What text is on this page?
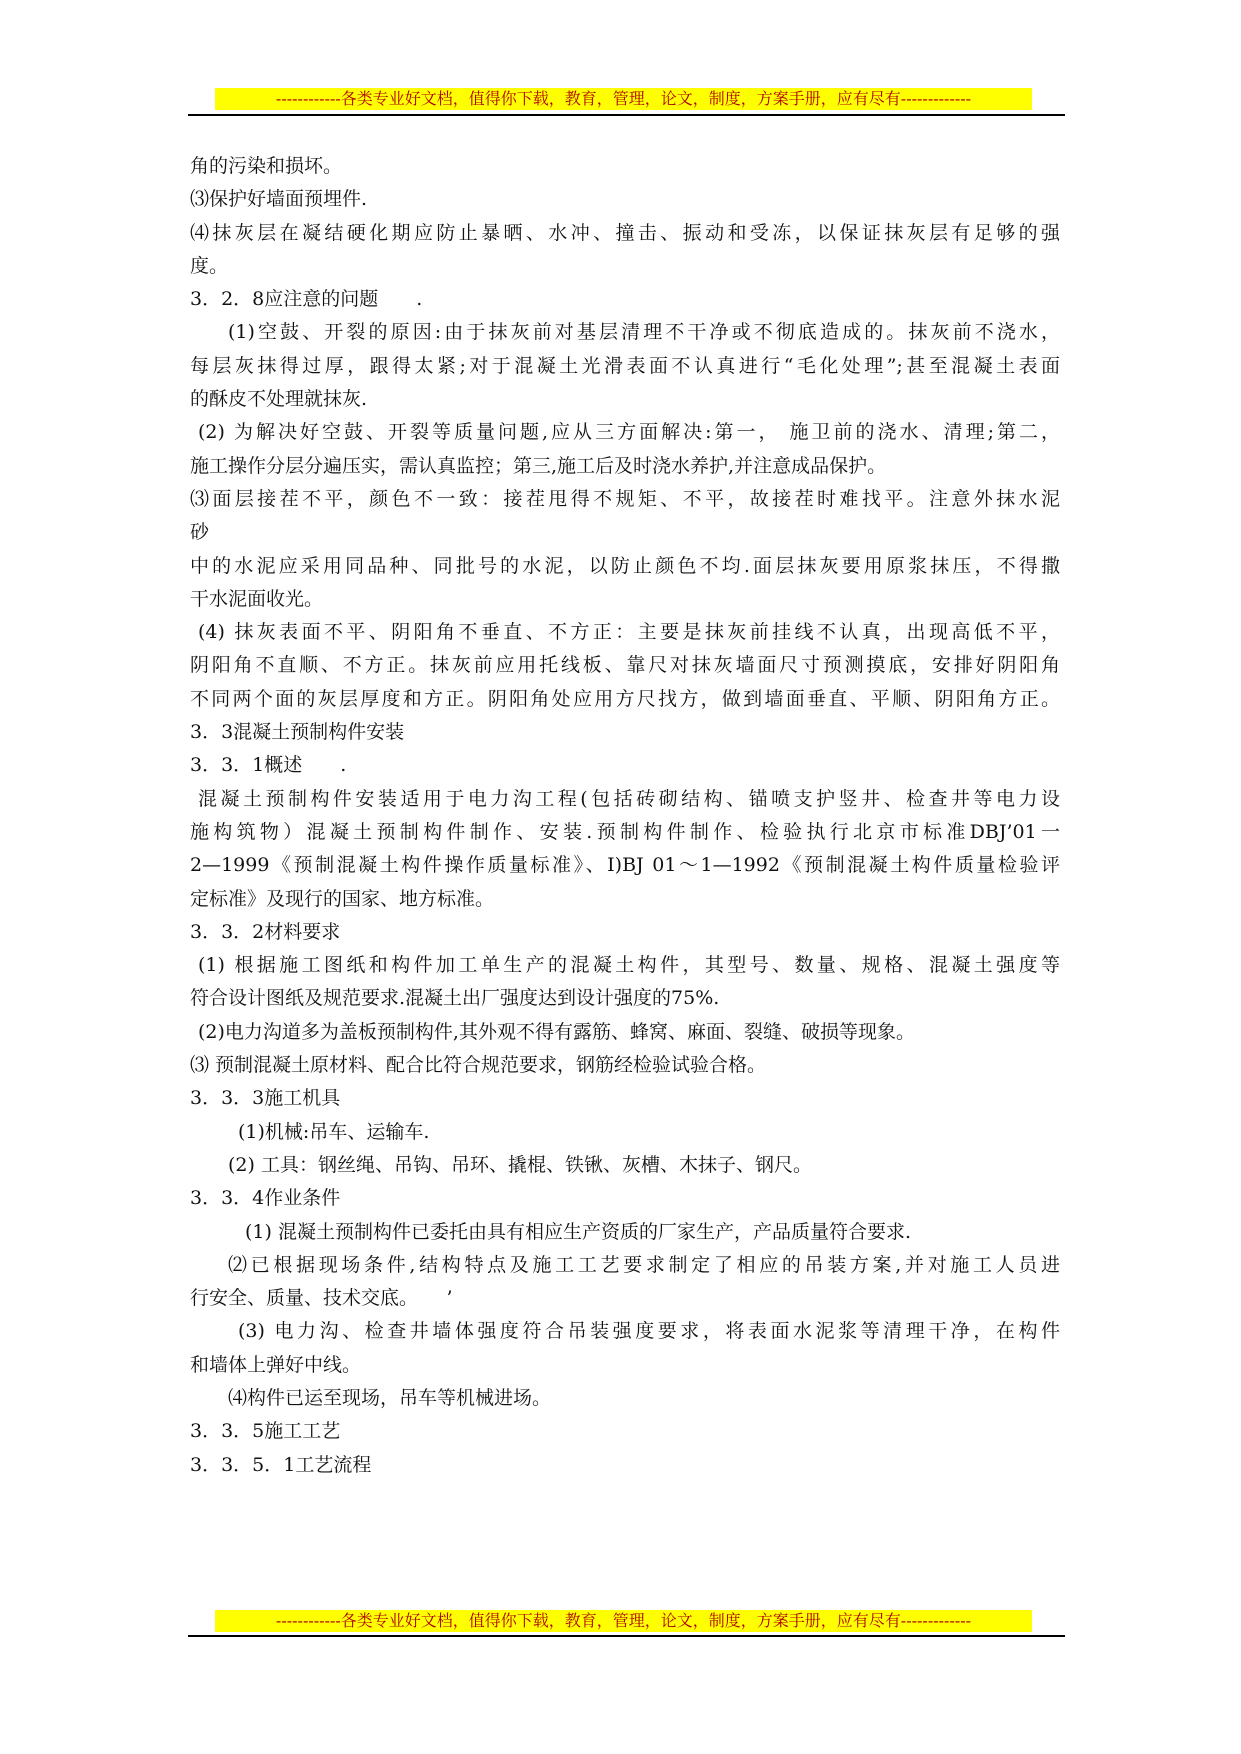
------------各类专业好文档，值得你下载，教育，管理，论文，制度，方案手册，应有尽有-------------
角的污染和损坏。
⑶保护好墙面预埋件.
⑷抹灰层在凝结硬化期应防止暴晒、水冲、撞击、振动和受冻，以保证抹灰层有足够的强
度。
3．2．8应注意的问题　　.
(1)空鼓、开裂的原因:由于抹灰前对基层清理不干净或不彻底造成的。抹灰前不浇水，
每层灰抹得过厚，跟得太紧;对于混凝土光滑表面不认真进行“毛化处理”;甚至混凝土表面
的酥皮不处理就抹灰.
(2) 为解决好空鼓、开裂等质量问题,应从三方面解决:第一， 施卫前的浇水、清理;第二，
施工操作分层分遍压实，需认真监控；第三,施工后及时浇水养护,并注意成品保护。
⑶面层接茬不平，颜色不一致：接茬甩得不规矩、不平，故接茬时难找平。注意外抹水泥
砂
中的水泥应采用同品种、同批号的水泥，以防止颜色不均.面层抹灰要用原浆抹压，不得撒
干水泥面收光。
(4) 抹灰表面不平、阴阳角不垂直、不方正：主要是抹灰前挂线不认真，出现高低不平，
阴阳角不直顺、不方正。抹灰前应用托线板、靠尺对抹灰墙面尺寸预测摸底，安排好阴阳角
不同两个面的灰层厚度和方正。阴阳角处应用方尺找方，做到墙面垂直、平顺、阴阳角方正。
3．3混凝土预制构件安装
3．3．1概述　　.
混凝土预制构件安装适用于电力沟工程(包括砖砌结构、锚喷支护竖井、检查井等电力设
施构筑物）混凝土预制构件制作、安装.预制构件制作、检验执行北京市标准DBJ’01一
2—1999《预制混凝土构件操作质量标准》、I)BJ 01～1—1992《预制混凝土构件质量检验评
定标准》及现行的国家、地方标准。
3．3．2材料要求
(1) 根据施工图纸和构件加工单生产的混凝土构件，其型号、数量、规格、混凝土强度等
符合设计图纸及规范要求.混凝土出厂强度达到设计强度的75%.
(2)电力沟道多为盖板预制构件,其外观不得有露筋、蜂窝、麻面、裂缝、破损等现象。
⑶ 预制混凝土原材料、配合比符合规范要求，钢筋经检验试验合格。
3．3．3施工机具
(1)机械:吊车、运输车.
(2) 工具：钢丝绳、吊钩、吊环、撬棍、铁锹、灰槽、木抹子、钢尺。
3．3．4作业条件
(1) 混凝土预制构件已委托由具有相应生产资质的厂家生产，产品质量符合要求.
⑵已根据现场条件,结构特点及施工工艺要求制定了相应的吊装方案,并对施工人员进
行安全、质量、技术交底。　　’
(3) 电力沟、检查井墙体强度符合吊装强度要求，将表面水泥浆等清理干净，在构件
和墙体上弹好中线。
⑷构件已运至现场，吊车等机械进场。
3．3．5施工工艺
3．3．5．1工艺流程
------------各类专业好文档，值得你下载，教育，管理，论文，制度，方案手册，应有尽有-------------
